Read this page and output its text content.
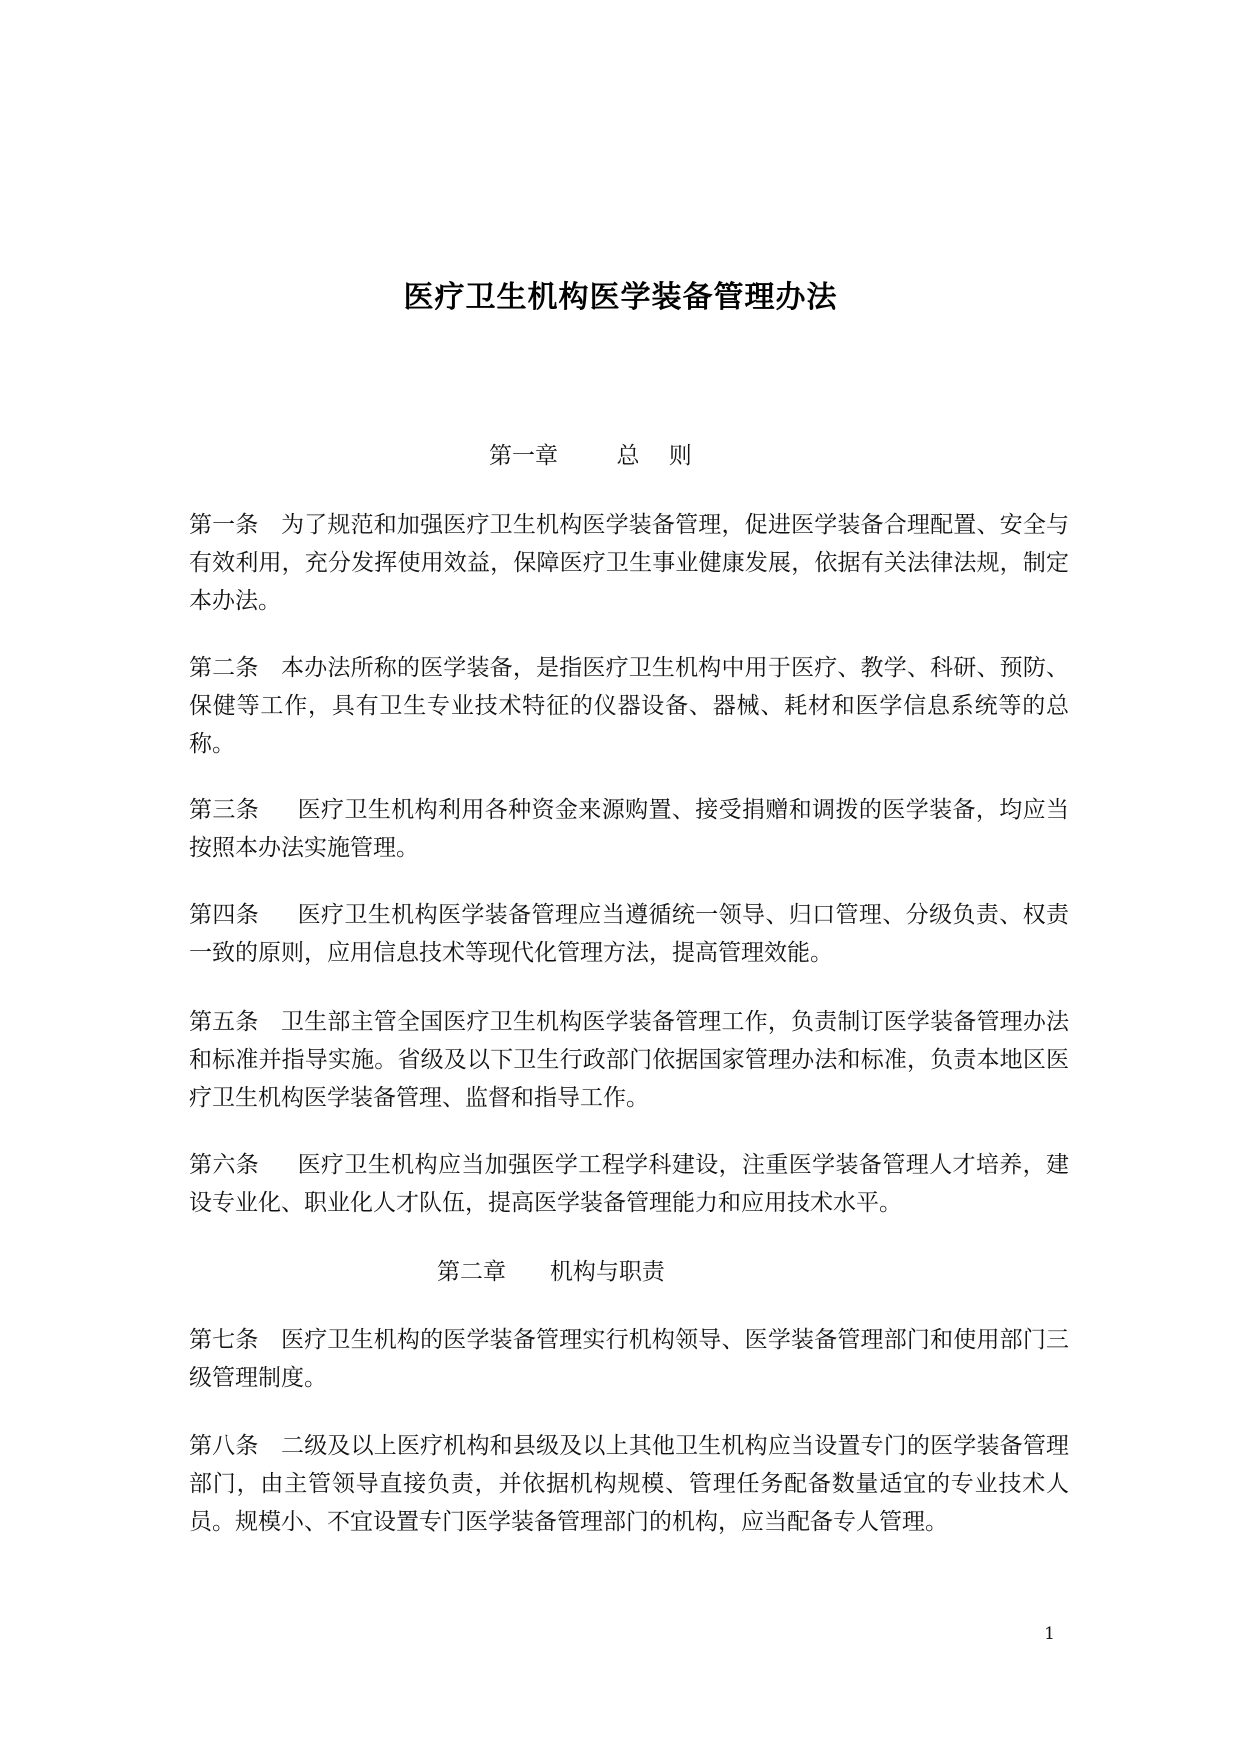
医疗卫生机构医学装备管理办法

第一章	总    则

第一条 为了规范和加强医疗卫生机构医学装备管理，促进医学装备合理配置、安全与有效利用，充分发挥使用效益，保障医疗卫生事业健康发展，依据有关法律法规，制定本办法。
第二条 本办法所称的医学装备，是指医疗卫生机构中用于医疗、教学、科研、预防、保健等工作，具有卫生专业技术特征的仪器设备、器械、耗材和医学信息系统等的总称。
第三条 医疗卫生机构利用各种资金来源购置、接受捐赠和调拨的医学装备，均应当按照本办法实施管理。
第四条 医疗卫生机构医学装备管理应当遵循统一领导、归口管理、分级负责、权责一致的原则，应用信息技术等现代化管理方法，提高管理效能。
第五条 卫生部主管全国医疗卫生机构医学装备管理工作，负责制订医学装备管理办法和标准并指导实施。省级及以下卫生行政部门依据国家管理办法和标准，负责本地区医疗卫生机构医学装备管理、监督和指导工作。
第六条 医疗卫生机构应当加强医学工程学科建设，注重医学装备管理人才培养，建设专业化、职业化人才队伍，提高医学装备管理能力和应用技术水平。

第二章 机构与职责

第七条 医疗卫生机构的医学装备管理实行机构领导、医学装备管理部门和使用部门三级管理制度。
第八条 二级及以上医疗机构和县级及以上其他卫生机构应当设置专门的医学装备管理部门，由主管领导直接负责，并依据机构规模、管理任务配备数量适宜的专业技术人员。规模小、不宜设置专门医学装备管理部门的机构，应当配备专人管理。
1
